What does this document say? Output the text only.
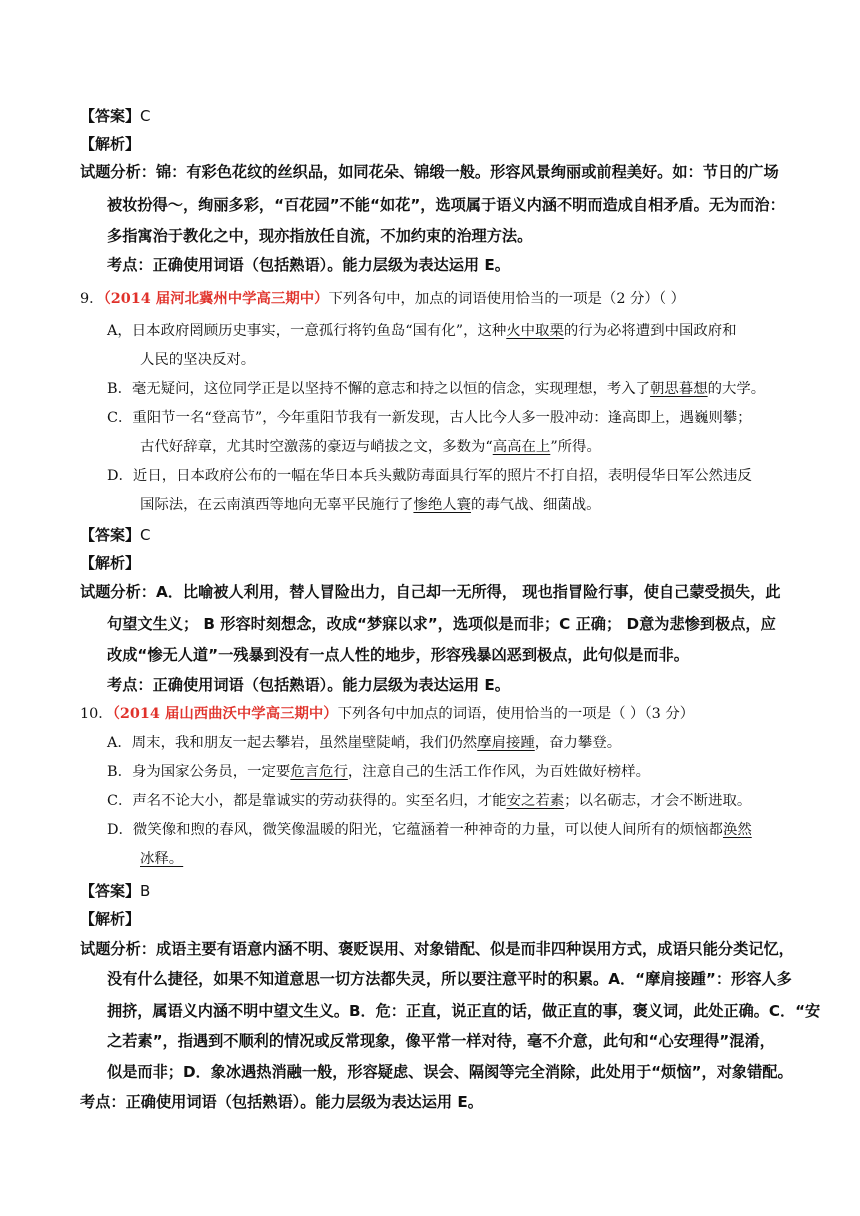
【答案】C
【解析】
试题分析：锦：有彩色花纹的丝织品，如同花朵、锦缎一般。形容风景绚丽或前程美好。如：节日的广场
被妆扮得～，绚丽多彩，“百花园”不能“如花”，选项属于语义内涵不明而造成自相矛盾。无为而治：
多指寓治于教化之中，现亦指放任自流，不加约束的治理方法。
考点：正确使用词语（包括熟语）。能力层级为表达运用 E。
9．（2014 届河北冀州中学高三期中）下列各句中，加点的词语使用恰当的一项是（2 分）（ ）
A，日本政府罔顾历史事实，一意孤行将钓鱼岛“国有化”，这种火中取栗的行为必将遭到中国政府和
人民的坚决反对。
B．毫无疑问，这位同学正是以坚持不懈的意志和持之以恒的信念，实现理想，考入了朝思暮想的大学。
C．重阳节一名“登高节”，今年重阳节我有一新发现，古人比今人多一股冲动：逢高即上，遇巍则攀；
古代好辞章，尤其时空激荡的豪迈与峭拔之文，多数为“高高在上”所得。
D．近日，日本政府公布的一幅在华日本兵头戴防毒面具行军的照片不打自招，表明侵华日军公然违反
国际法，在云南滇西等地向无辜平民施行了惨绝人寰的毒气战、细菌战。
【答案】C
【解析】
试题分析：A．比喻被人利用，替人冒险出力，自己却一无所得， 现也指冒险行事，使自己蒙受损失，此
句望文生义； B 形容时刻想念，改成“梦寐以求”，选项似是而非；C 正确； D意为悲惨到极点，应
改成“惨无人道”一残暴到没有一点人性的地步，形容残暴凶恶到极点，此句似是而非。
考点：正确使用词语（包括熟语）。能力层级为表达运用 E。
10．（2014 届山西曲沃中学高三期中）下列各句中加点的词语，使用恰当的一项是（ ）（3 分）
A．周末，我和朋友一起去攀岩，虽然崖壁陡峭，我们仍然摩肩接踵，奋力攀登。
B．身为国家公务员，一定要危言危行，注意自己的生活工作作风，为百姓做好榜样。
C．声名不论大小，都是靠诚实的劳动获得的。实至名归，才能安之若素；以名砺志，才会不断进取。
D．微笑像和煦的春风，微笑像温暖的阳光，它蕴涵着一种神奇的力量，可以使人间所有的烦恼都涣然
冰释。
【答案】B
【解析】
试题分析：成语主要有语意内涵不明、褒贬误用、对象错配、似是而非四种误用方式，成语只能分类记忆，
没有什么捷径，如果不知道意思一切方法都失灵，所以要注意平时的积累。A．“摩肩接踵”：形容人多
拥挤，属语义内涵不明中望文生义。B．危：正直，说正直的话，做正直的事，褒义词，此处正确。C．“安
之若素”，指遇到不顺利的情况或反常现象，像平常一样对待，毫不介意，此句和“心安理得”混淆，
似是而非；D．象冰遇热消融一般，形容疑虑、误会、隔阂等完全消除，此处用于“烦恼”，对象错配。
考点：正确使用词语（包括熟语）。能力层级为表达运用 E。
